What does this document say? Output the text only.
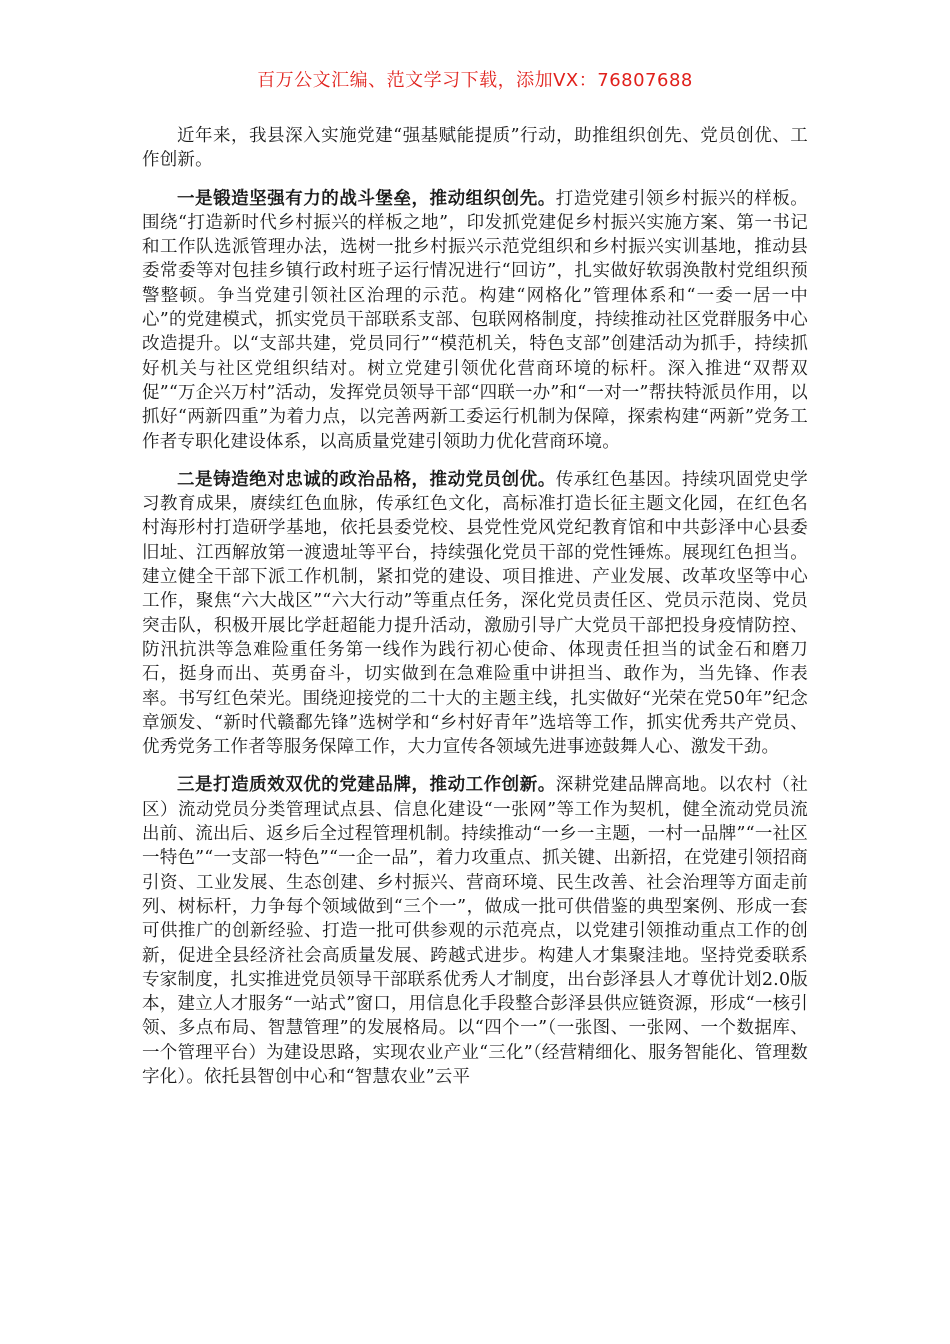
百万公文汇编、范文学习下载，添加VX：76807688

近年来，我县深入实施党建“强基赋能提质”行动，助推组织创先、党员创优、工作创新。

一是锻造坚强有力的战斗堡垒，推动组织创先。打造党建引领乡村振兴的样板。围绕“打造新时代乡村振兴的样板之地”，印发抓党建促乡村振兴实施方案、第一书记和工作队选派管理办法，选树一批乡村振兴示范党组织和乡村振兴实训基地，推动县委常委等对包挂乡镇行政村班子运行情况进行“回访”，扎实做好软弱涣散村党组织预警整顿。争当党建引领社区治理的示范。构建“网格化”管理体系和“一委一居一中心”的党建模式，抓实党员干部联系支部、包联网格制度，持续推动社区党群服务中心改造提升。以“支部共建，党员同行”“模范机关，特色支部”创建活动为抓手，持续抓好机关与社区党组织结对。树立党建引领优化营商环境的标杆。深入推进“双帮双促”“万企兴万村”活动，发挥党员领导干部“四联一办”和“一对一”帮扶特派员作用，以抓好“两新四重”为着力点，以完善两新工委运行机制为保障，探索构建“两新”党务工作者专职化建设体系，以高质量党建引领助力优化营商环境。

二是铸造绝对忠诚的政治品格，推动党员创优。传承红色基因。持续巩固党史学习教育成果，赓续红色血脉，传承红色文化，高标准打造长征主题文化园，在红色名村海形村打造研学基地，依托县委党校、县党性党风党纪教育馆和中共彭泽中心县委旧址、江西解放第一渡遗址等平台，持续强化党员干部的党性锤炼。展现红色担当。建立健全干部下派工作机制，紧扣党的建设、项目推进、产业发展、改革攻坚等中心工作，聚焦“六大战区”“六大行动”等重点任务，深化党员责任区、党员示范岗、党员突击队，积极开展比学赶超能力提升活动，激励引导广大党员干部把投身疫情防控、防汛抗洪等急难险重任务第一线作为践行初心使命、体现责任担当的试金石和磨刀石，挺身而出、英勇奋斗，切实做到在急难险重中讲担当、敢作为，当先锋、作表率。书写红色荣光。围绕迎接党的二十大的主题主线，扎实做好“光荣在党50年”纪念章颁发、“新时代赣鄱先锋”选树学和“乡村好青年”选培等工作，抓实优秀共产党员、优秀党务工作者等服务保障工作，大力宣传各领域先进事迹鼓舞人心、激发干劲。

三是打造质效双优的党建品牌，推动工作创新。深耕党建品牌高地。以农村（社区）流动党员分类管理试点县、信息化建设“一张网”等工作为契机，健全流动党员流出前、流出后、返乡后全过程管理机制。持续推动“一乡一主题，一村一品牌”“一社区一特色”“一支部一特色”“一企一品”，着力攻重点、抓关键、出新招，在党建引领招商引资、工业发展、生态创建、乡村振兴、营商环境、民生改善、社会治理等方面走前列、树标杆，力争每个领域做到“三个一”，做成一批可供借鉴的典型案例、形成一套可供推广的创新经验、打造一批可供参观的示范亮点，以党建引领推动重点工作的创新，促进全县经济社会高质量发展、跨越式进步。构建人才集聚洼地。坚持党委联系专家制度，扎实推进党员领导干部联系优秀人才制度，出台彭泽县人才尊优计划2.0版本，建立人才服务“一站式”窗口，用信息化手段整合彭泽县供应链资源，形成“一核引领、多点布局、智慧管理”的发展格局。以“四个一”（一张图、一张网、一个数据库、一个管理平台）为建设思路，实现农业产业“三化”（经营精细化、服务智能化、管理数字化）。依托县智创中心和“智慧农业”云平
